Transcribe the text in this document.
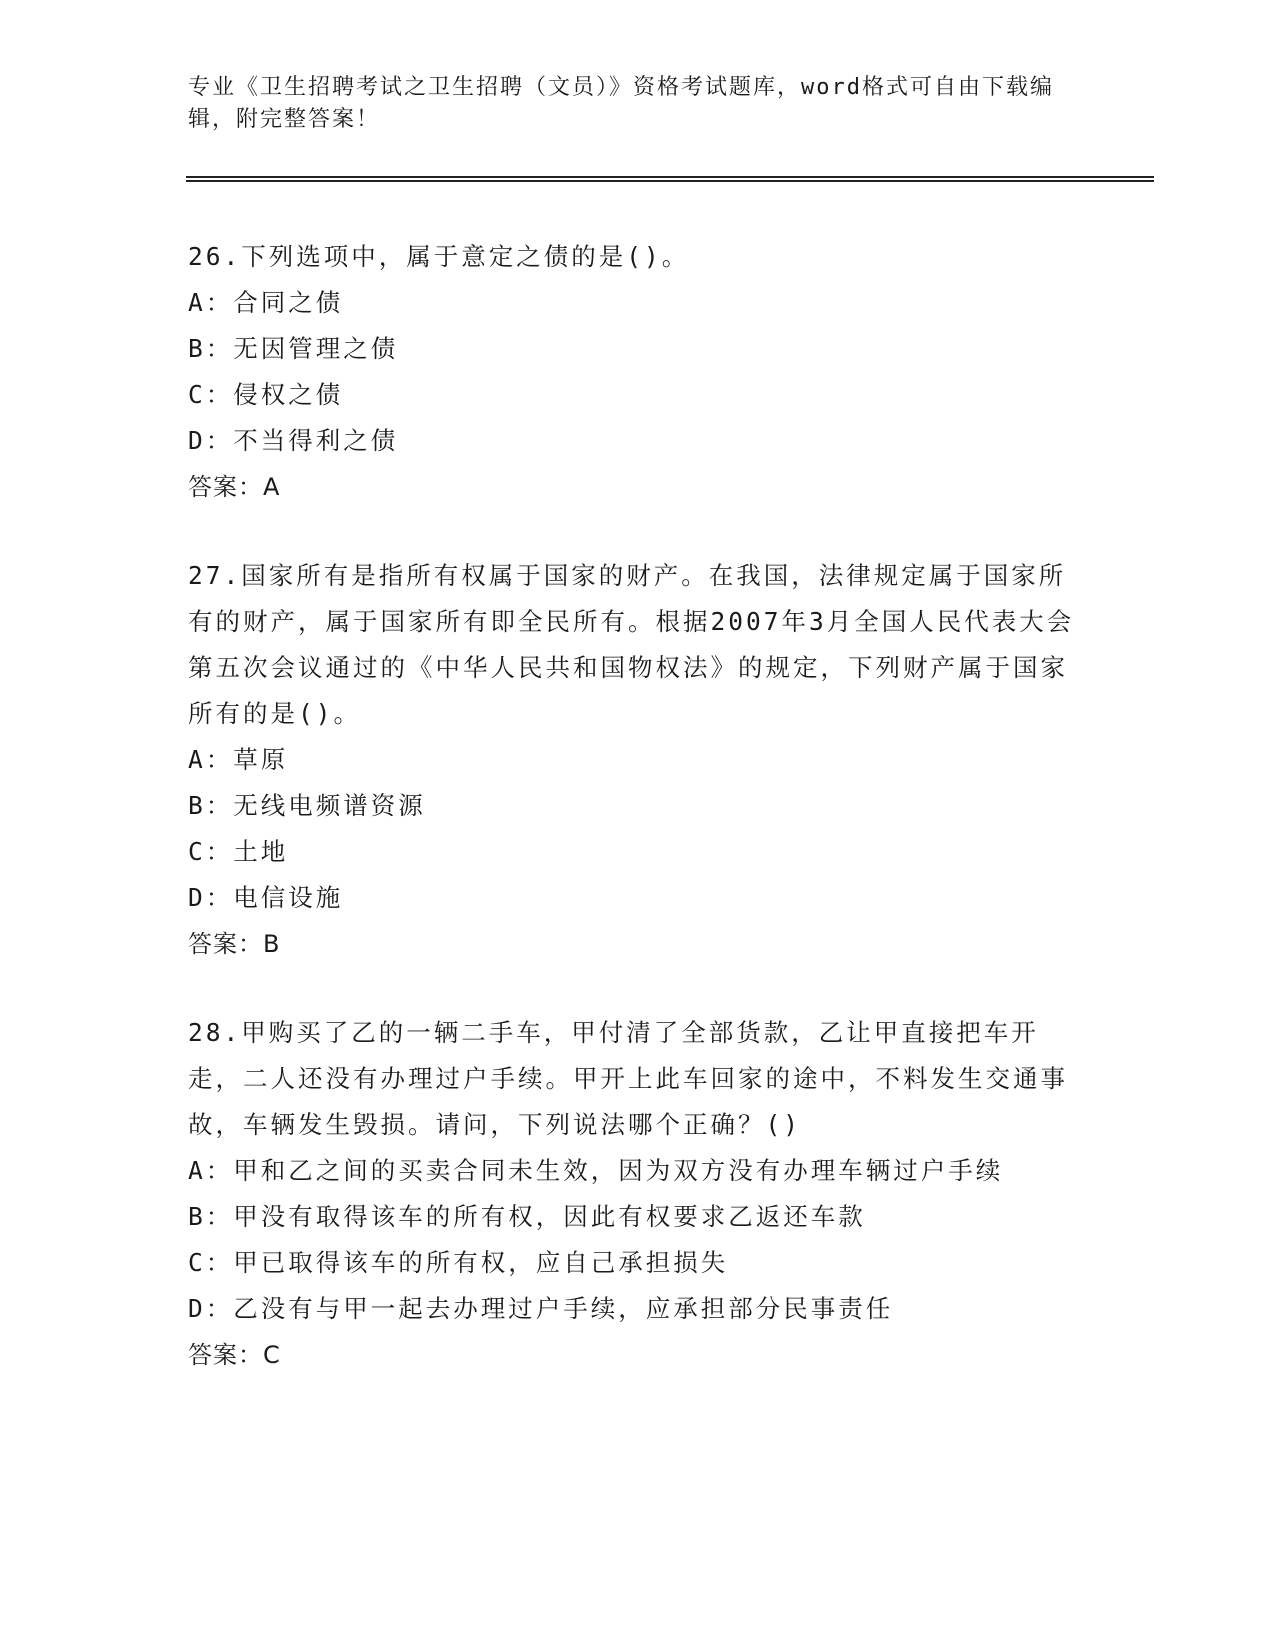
专业《卫生招聘考试之卫生招聘（文员）》资格考试题库，word格式可自由下载编辑，附完整答案！

26.下列选项中，属于意定之债的是()。

A：合同之债

B：无因管理之债

C：侵权之债

D：不当得利之债

答案：A

27.国家所有是指所有权属于国家的财产。在我国，法律规定属于国家所有的财产，属于国家所有即全民所有。根据2007年3月全国人民代表大会第五次会议通过的《中华人民共和国物权法》的规定，下列财产属于国家所有的是()。

A：草原

B：无线电频谱资源

C：土地

D：电信设施

答案：B

28.甲购买了乙的一辆二手车，甲付清了全部货款，乙让甲直接把车开走，二人还没有办理过户手续。甲开上此车回家的途中，不料发生交通事故，车辆发生毁损。请问，下列说法哪个正确？()

A：甲和乙之间的买卖合同未生效，因为双方没有办理车辆过户手续

B：甲没有取得该车的所有权，因此有权要求乙返还车款

C：甲已取得该车的所有权，应自己承担损失

D：乙没有与甲一起去办理过户手续，应承担部分民事责任

答案：C
